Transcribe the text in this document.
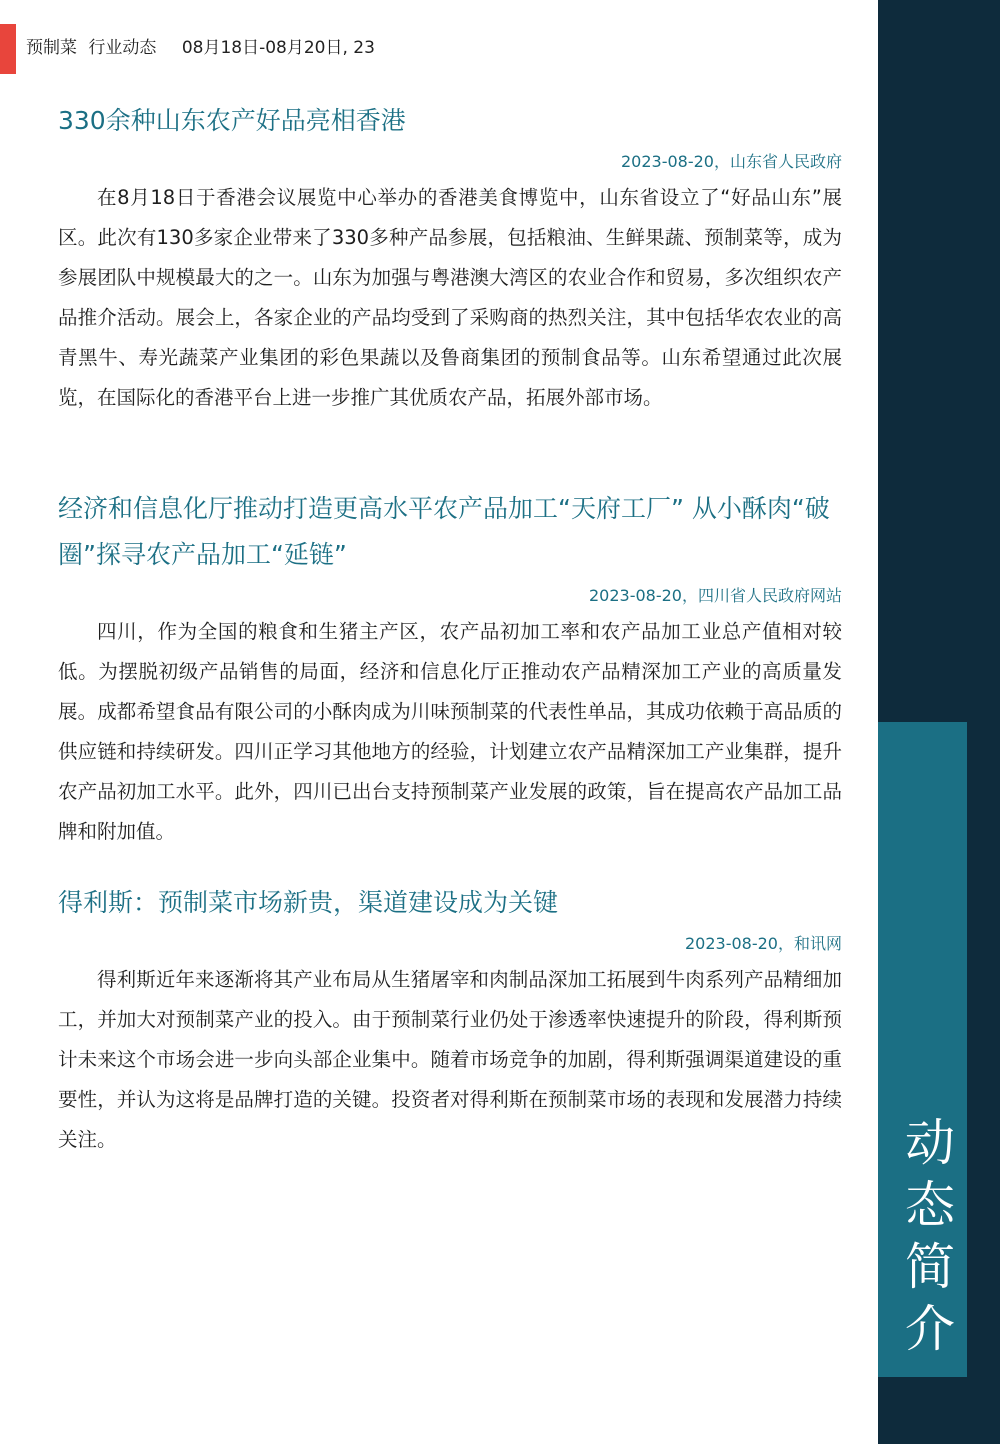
预制菜 行业动态 08月18日-08月20日, 23
330余种山东农产好品亮相香港
2023-08-20，山东省人民政府

在8月18日于香港会议展览中心举办的香港美食博览中，山东省设立了“好品山东”展区。此次有130多家企业带来了330多种产品参展，包括粮油、生鲜果蔬、预制菜等，成为参展团队中规模最大的之一。山东为加强与粤港澳大湾区的农业合作和贸易，多次组织农产品推介活动。展会上，各家企业的产品均受到了采购商的热烈关注，其中包括华农农业的高青黑牛、寿光蔬菜产业集团的彩色果蔬以及鲁商集团的预制食品等。山东希望通过此次展览，在国际化的香港平台上进一步推广其优质农产品，拓展外部市场。

经济和信息化厅推动打造更高水平农产品加工“天府工厂” 从小酥肉“破圈”探寻农产品加工“延链”
2023-08-20，四川省人民政府网站

四川，作为全国的粮食和生猪主产区，农产品初加工率和农产品加工业总产值相对较低。为摆脱初级产品销售的局面，经济和信息化厅正推动农产品精深加工产业的高质量发展。成都希望食品有限公司的小酥肉成为川味预制菜的代表性单品，其成功依赖于高品质的供应链和持续研发。四川正学习其他地方的经验，计划建立农产品精深加工产业集群，提升农产品初加工水平。此外，四川已出台支持预制菜产业发展的政策，旨在提高农产品加工品牌和附加值。

得利斯：预制菜市场新贵，渠道建设成为关键
2023-08-20，和讯网

得利斯近年来逐渐将其产业布局从生猪屠宰和肉制品深加工拓展到牛肉系列产品精细加工，并加大对预制菜产业的投入。由于预制菜行业仍处于渗透率快速提升的阶段，得利斯预计未来这个市场会进一步向头部企业集中。随着市场竞争的加剧，得利斯强调渠道建设的重要性，并认为这将是品牌打造的关键。投资者对得利斯在预制菜市场的表现和发展潜力持续关注。	动
态
简
介
